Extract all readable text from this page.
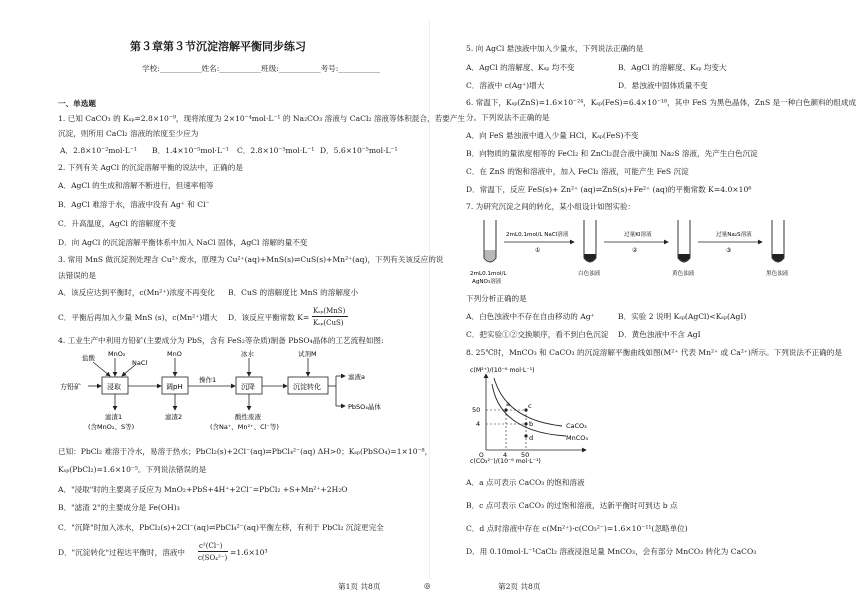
第３章第３节沉淀溶解平衡同步练习
学校:___________姓名:___________班级:___________考号:___________
一、单选题
1. 已知 CaCO₃ 的 Kₛₚ=2.8×10⁻⁹，现将浓度为 2×10⁻⁴mol·L⁻¹ 的 Na₂CO₃ 溶液与 CaCl₂ 溶液等体积混合，若要产生
沉淀，则所用 CaCl₂ 溶液的浓度至少应为
A．2.8×10⁻²mol·L⁻¹ B．1.4×10⁻⁵mol·L⁻¹ C．2.8×10⁻⁵mol·L⁻¹ D．5.6×10⁻⁵mol·L⁻¹
2. 下列有关 AgCl 的沉淀溶解平衡的说法中，正确的是
A．AgCl 的生成和溶解不断进行，但速率相等
B．AgCl 难溶于水，溶液中没有 Ag⁺ 和 Cl⁻
C．升高温度，AgCl 的溶解度不变
D．向 AgCl 的沉淀溶解平衡体系中加入 NaCl 固体，AgCl 溶解的量不变
3. 常用 MnS 做沉淀剂处理含 Cu²⁺废水，原理为 Cu²⁺(aq)+MnS(s)⇌CuS(s)+Mn²⁺(aq)，下列有关该反应的说
法错误的是
A．该反应达到平衡时，c(Mn²⁺)浓度不再变化 B．CuS 的溶解度比 MnS 的溶解度小
C．平衡后再加入少量 MnS (s)，c(Mn²⁺)增大 D．该反应平衡常数 K=
Kₛₚ(MnS)
Kₛₚ(CuS)
4. 工业生产中利用方铅矿(主要成分为 PbS，含有 FeS₂等杂质)制备 PbSO₄晶体的工艺流程如图:
方铅矿
盐酸 MnO₂
NaCl
MnO	冰水	试剂M
浸取	调pH
操作1
沉降	沉淀转化
滤液a
PbSO₄晶体
滤渣1
(含MnO₂、S等)
滤渣2	酸性废液
(含Na⁺、Mn²⁺、Cl⁻等)
已知：PbCl₂ 难溶于冷水，易溶于热水；PbCl₂(s)+2Cl⁻(aq)⇌PbCl₄²⁻(aq) ΔH>0；Kₛₚ(PbSO₄)=1×10⁻⁸，
Kₛₚ(PbCl₂)=1.6×10⁻⁵。下列说法错误的是
A．"浸取"时的主要离子反应为 MnO₂+PbS+4H⁺+2Cl⁻=PbCl₂ +S+Mn²⁺+2H₂O
B．"滤渣 2"的主要成分是 Fe(OH)₃
C．"沉降"时加入冰水，PbCl₂(s)+2Cl⁻(aq)⇌PbCl₄²⁻(aq)平衡左移，有利于 PbCl₂ 沉淀更完全
D．"沉淀转化"过程达平衡时，溶液中
c²(Cl⁻)
c(SO₄²⁻)
=1.6×10³
第1页 共8页	◎
5. 向 AgCl 悬浊液中加入少量水，下列说法正确的是
A．AgCl 的溶解度、Kₛₚ 均不变	B．AgCl 的溶解度、Kₛₚ 均变大
C．溶液中 c(Ag⁺)增大	D．悬浊液中固体质量不变
6. 常温下，Kₛₚ(ZnS)=1.6×10⁻²⁴，Kₛₚ(FeS)=6.4×10⁻¹⁸，其中 FeS 为黑色晶体，ZnS 是一种白色颜料的组成成
分。下列说法不正确的是
A．向 FeS 悬浊液中通入少量 HCl，Kₛₚ(FeS)不变
B．向物质的量浓度相等的 FeCl₂ 和 ZnCl₂混合液中滴加 Na₂S 溶液，先产生白色沉淀
C．在 ZnS 的饱和溶液中，加入 FeCl₂ 溶液，可能产生 FeS 沉淀
D．常温下，反应 FeS(s)+ Zn²⁺ (aq)⇌ZnS(s)+Fe²⁺ (aq)的平衡常数 K=4.0×10⁶
7. 为研究沉淀之间的转化，某小组设计如图实验：
2mL0.1mol/L NaCl溶液
①
过量KI溶液
②
过量Na₂S溶液
③
2mL0.1mol/L
AgNO₃溶液
白色浊液	黄色浊液	黑色浊液
下列分析正确的是
A．白色浊液中不存在自由移动的 Ag⁺	B．实验 2 说明 Kₛₚ(AgCl)<Kₛₚ(AgI)
C．把实验①②交换顺序，看不到白色沉淀 D．黄色浊液中不含 AgI
8. 25℃时，MnCO₃ 和 CaCO₃ 的沉淀溶解平衡曲线如图(M²⁺ 代表 Mn²⁺ 或 Ca²⁺)所示。下列说法不正确的是
c(M²⁺)/(10⁻⁶ mol·L⁻¹)
c(CO₃²⁻)/(10⁻⁶ mol·L⁻¹)
50
4
4 50
O
a	c
b
d
CaCO₃
MnCO₃
A．a 点可表示 CaCO₃ 的饱和溶液
B．c 点可表示 CaCO₃ 的过饱和溶液，达新平衡时可到达 b 点
C．d 点时溶液中存在 c(Mn²⁺)·c(CO₃²⁻)=1.6×10⁻¹¹(忽略单位)
D．用 0.10mol·L⁻¹CaCl₂ 溶液浸泡足量 MnCO₃，会有部分 MnCO₃ 转化为 CaCO₃
第2页 共8页
